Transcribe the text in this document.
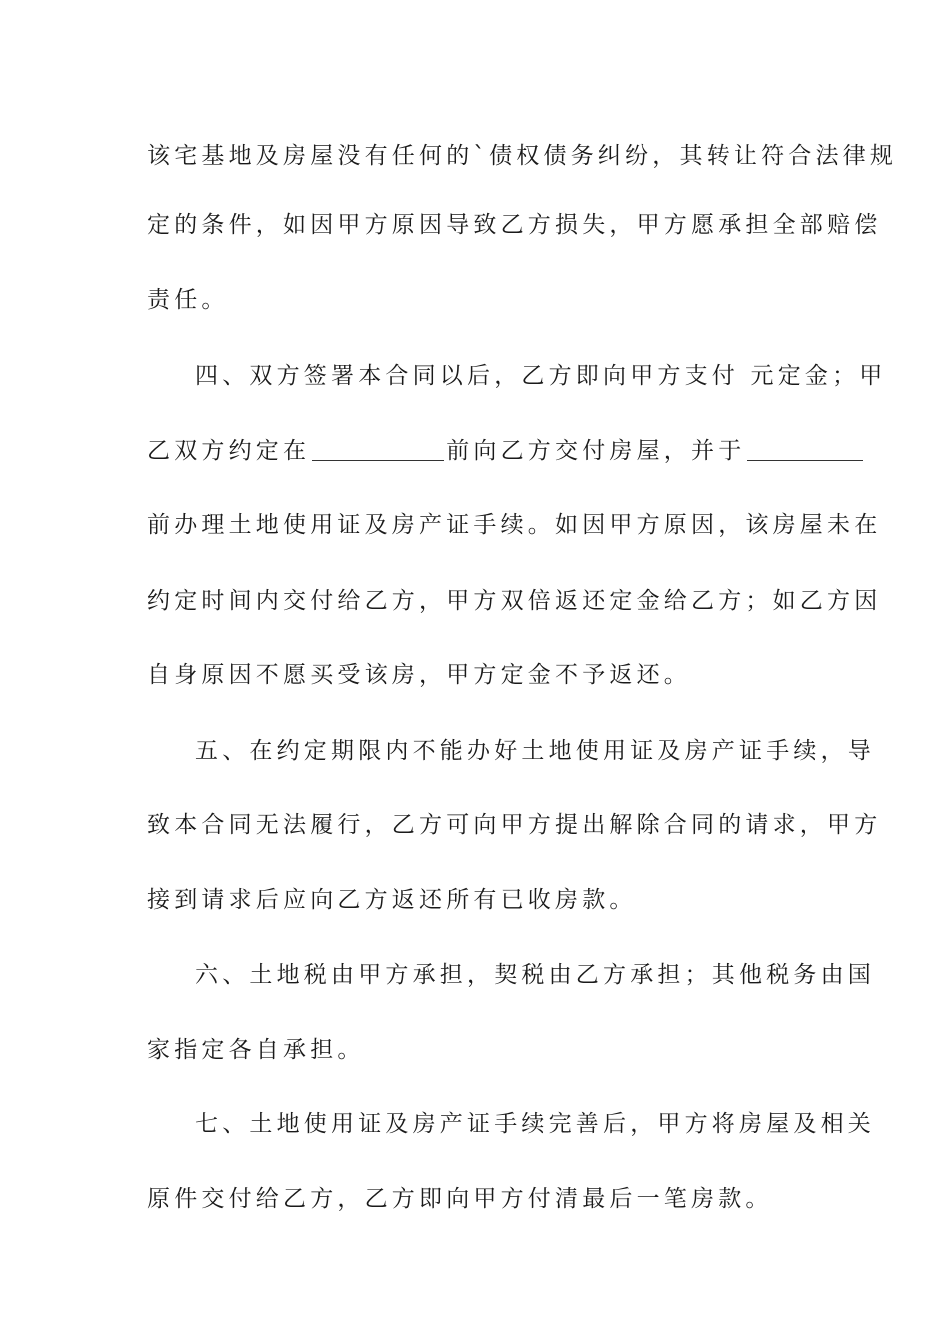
该宅基地及房屋没有任何的`债权债务纠纷，其转让符合法律规
定的条件，如因甲方原因导致乙方损失，甲方愿承担全部赔偿
责任。
四、双方签署本合同以后，乙方即向甲方支付 元定金；甲
乙双方约定在	前向乙方交付房屋，并于
前办理土地使用证及房产证手续。如因甲方原因，该房屋未在
约定时间内交付给乙方，甲方双倍返还定金给乙方；如乙方因
自身原因不愿买受该房，甲方定金不予返还。
五、在约定期限内不能办好土地使用证及房产证手续，导
致本合同无法履行，乙方可向甲方提出解除合同的请求，甲方
接到请求后应向乙方返还所有已收房款。
六、土地税由甲方承担，契税由乙方承担；其他税务由国
家指定各自承担。
七、土地使用证及房产证手续完善后，甲方将房屋及相关
原件交付给乙方，乙方即向甲方付清最后一笔房款。
